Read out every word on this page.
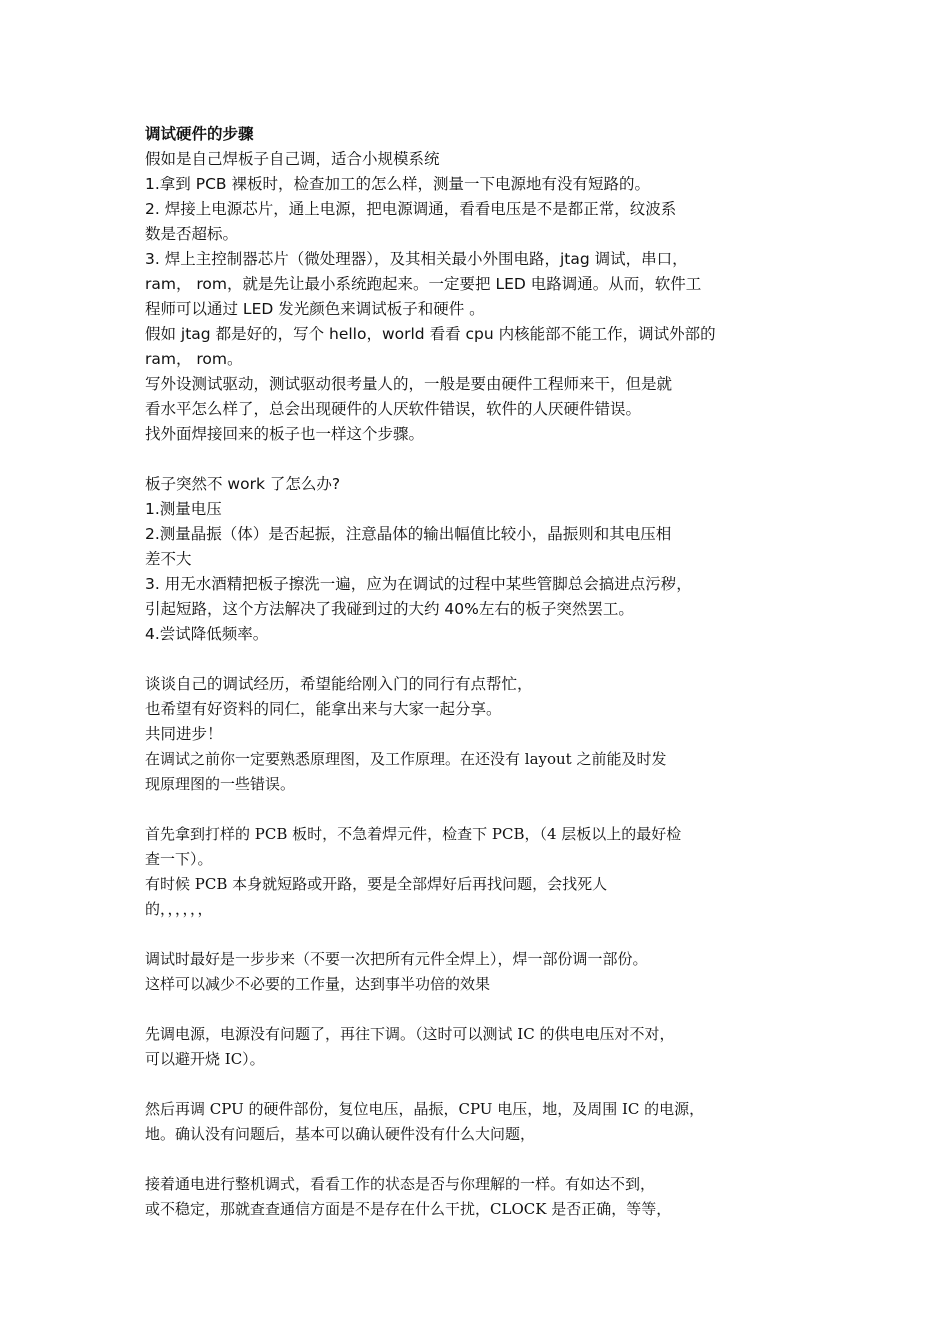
调试硬件的步骤
假如是自己焊板子自己调，适合小规模系统
1.拿到 PCB 裸板时，检查加工的怎么样，测量一下电源地有没有短路的。
2. 焊接上电源芯片，通上电源，把电源调通，看看电压是不是都正常，纹波系
数是否超标。
3. 焊上主控制器芯片（微处理器），及其相关最小外围电路，jtag 调试，串口，
ram， rom，就是先让最小系统跑起来。一定要把 LED 电路调通。从而，软件工
程师可以通过 LED 发光颜色来调试板子和硬件 。
假如 jtag 都是好的，写个 hello，world 看看 cpu 内核能部不能工作，调试外部的
ram， rom。
写外设测试驱动，测试驱动很考量人的，一般是要由硬件工程师来干，但是就
看水平怎么样了，总会出现硬件的人厌软件错误，软件的人厌硬件错误。
找外面焊接回来的板子也一样这个步骤。
板子突然不 work 了怎么办?
1.测量电压
2.测量晶振（体）是否起振，注意晶体的输出幅值比较小，晶振则和其电压相
差不大
3. 用无水酒精把板子擦洗一遍，应为在调试的过程中某些管脚总会搞进点污秽，
引起短路，这个方法解决了我碰到过的大约 40%左右的板子突然罢工。
4.尝试降低频率。
谈谈自己的调试经历，希望能给刚入门的同行有点帮忙，
也希望有好资料的同仁，能拿出来与大家一起分享。
共同进步！
在调试之前你一定要熟悉原理图，及工作原理。在还没有 layout 之前能及时发
现原理图的一些错误。
首先拿到打样的 PCB 板时，不急着焊元件，检查下 PCB，（4 层板以上的最好检
查一下）。
有时候 PCB 本身就短路或开路，要是全部焊好后再找问题，会找死人
的，，，，，，
调试时最好是一步步来（不要一次把所有元件全焊上），焊一部份调一部份。
这样可以减少不必要的工作量，达到事半功倍的效果
先调电源，电源没有问题了，再往下调。（这时可以测试 IC 的供电电压对不对，
可以避开烧 IC）。
然后再调 CPU 的硬件部份，复位电压，晶振，CPU 电压，地，及周围 IC 的电源，
地。确认没有问题后，基本可以确认硬件没有什么大问题，
接着通电进行整机调式，看看工作的状态是否与你理解的一样。有如达不到，
或不稳定，那就查查通信方面是不是存在什么干扰，CLOCK 是否正确，等等，
